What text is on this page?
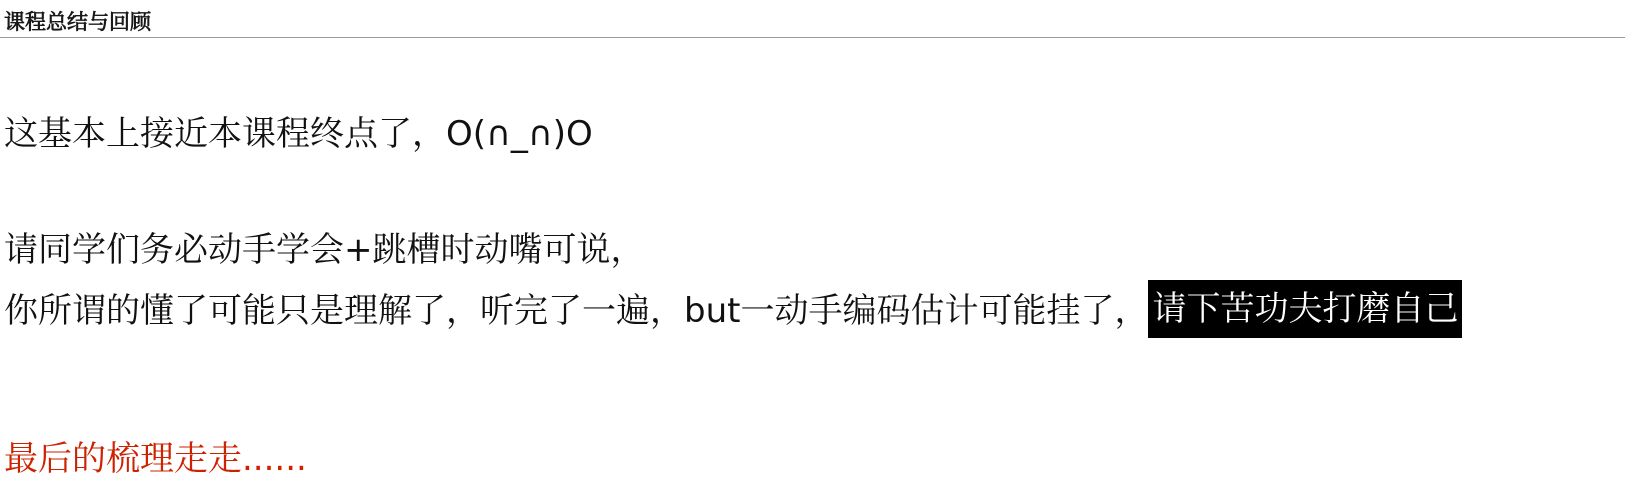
课程总结与回顾
这基本上接近本课程终点了，O(∩_∩)O
请同学们务必动手学会+跳槽时动嘴可说，
你所谓的懂了可能只是理解了，听完了一遍，but一动手编码估计可能挂了， 请下苦功夫打磨自己
最后的梳理走走......
